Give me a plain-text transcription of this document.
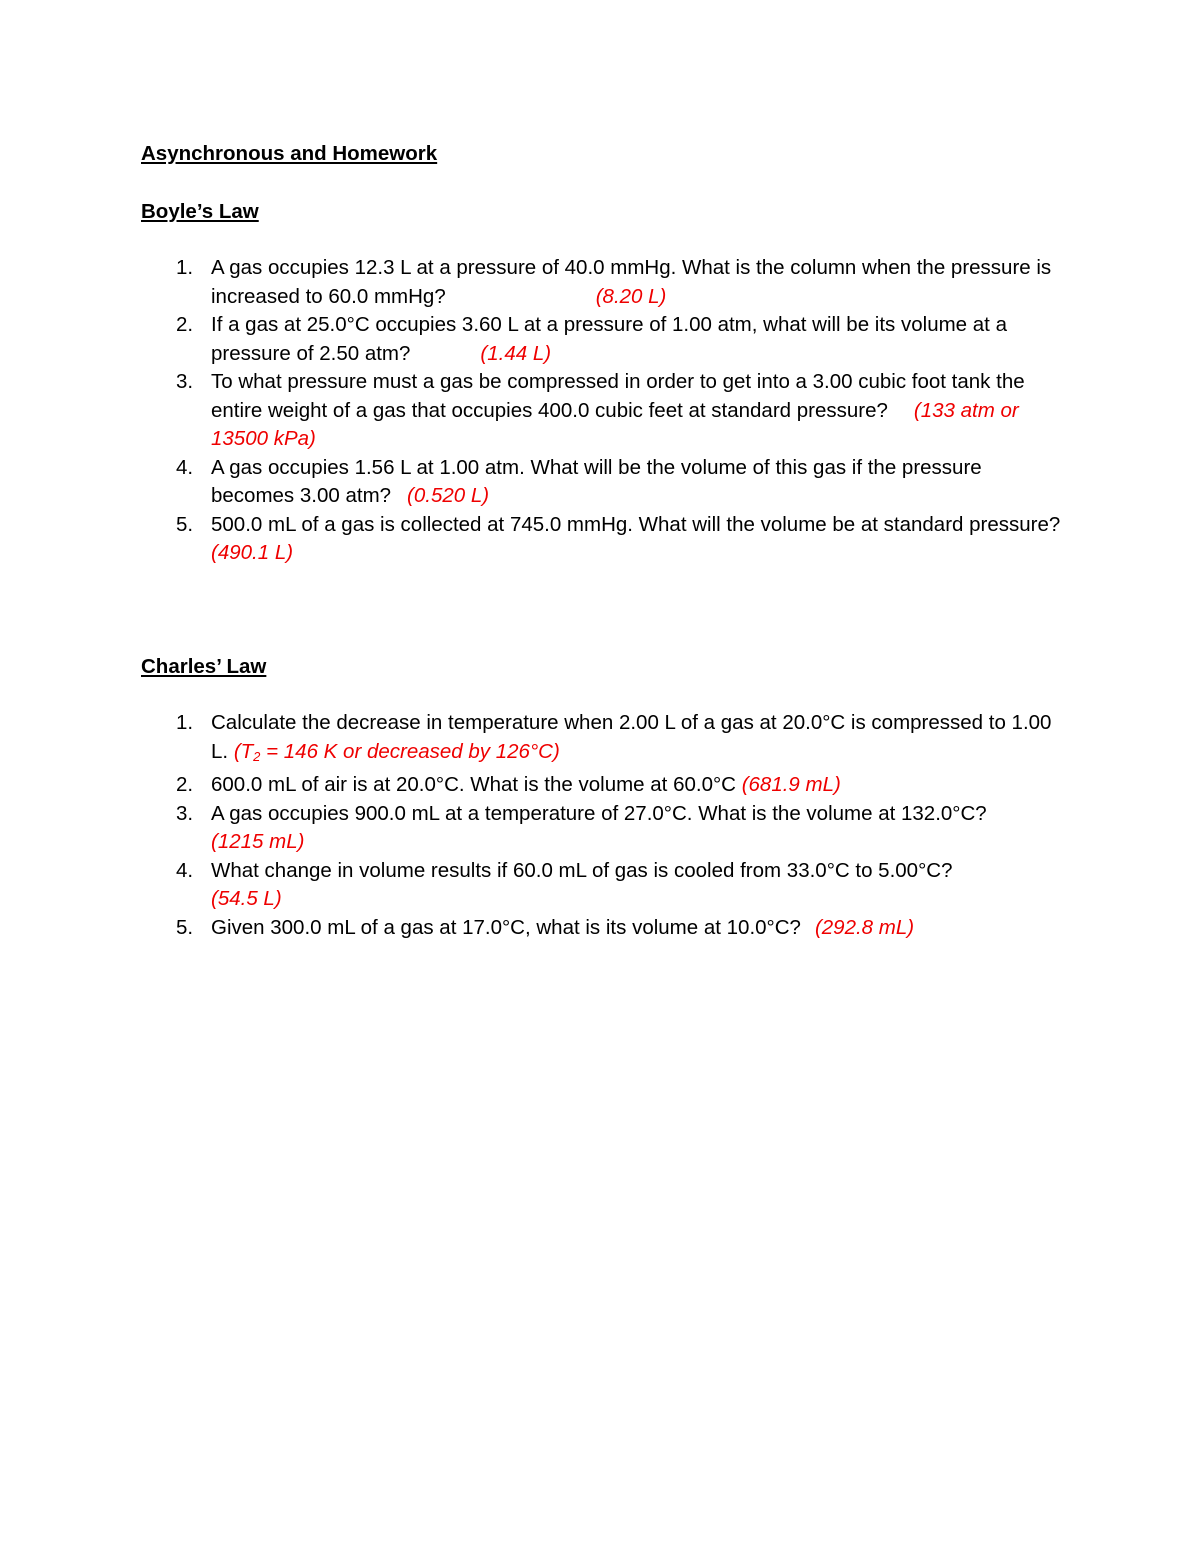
Asynchronous and Homework
Boyle’s Law
1. A gas occupies 12.3 L at a pressure of 40.0 mmHg. What is the column when the pressure is increased to 60.0 mmHg?	(8.20 L)
2. If a gas at 25.0°C occupies 3.60 L at a pressure of 1.00 atm, what will be its volume at a pressure of 2.50 atm?	(1.44 L)
3. To what pressure must a gas be compressed in order to get into a 3.00 cubic foot tank the entire weight of a gas that occupies 400.0 cubic feet at standard pressure? (133 atm or 13500 kPa)
4. A gas occupies 1.56 L at 1.00 atm. What will be the volume of this gas if the pressure becomes 3.00 atm? (0.520 L)
5. 500.0 mL of a gas is collected at 745.0 mmHg. What will the volume be at standard pressure?
(490.1 L)
Charles’ Law
1. Calculate the decrease in temperature when 2.00 L of a gas at 20.0°C is compressed to 1.00 L. ($T_2 = 146$ K or decreased by 126°C)
2. 600.0 mL of air is at 20.0°C. What is the volume at 60.0°C (681.9 mL)
3. A gas occupies 900.0 mL at a temperature of 27.0°C. What is the volume at 132.0°C?
(1215 mL)
4. What change in volume results if 60.0 mL of gas is cooled from 33.0°C to 5.00°C?
(54.5 L)
5. Given 300.0 mL of a gas at 17.0°C, what is its volume at 10.0°C? (292.8 mL)
